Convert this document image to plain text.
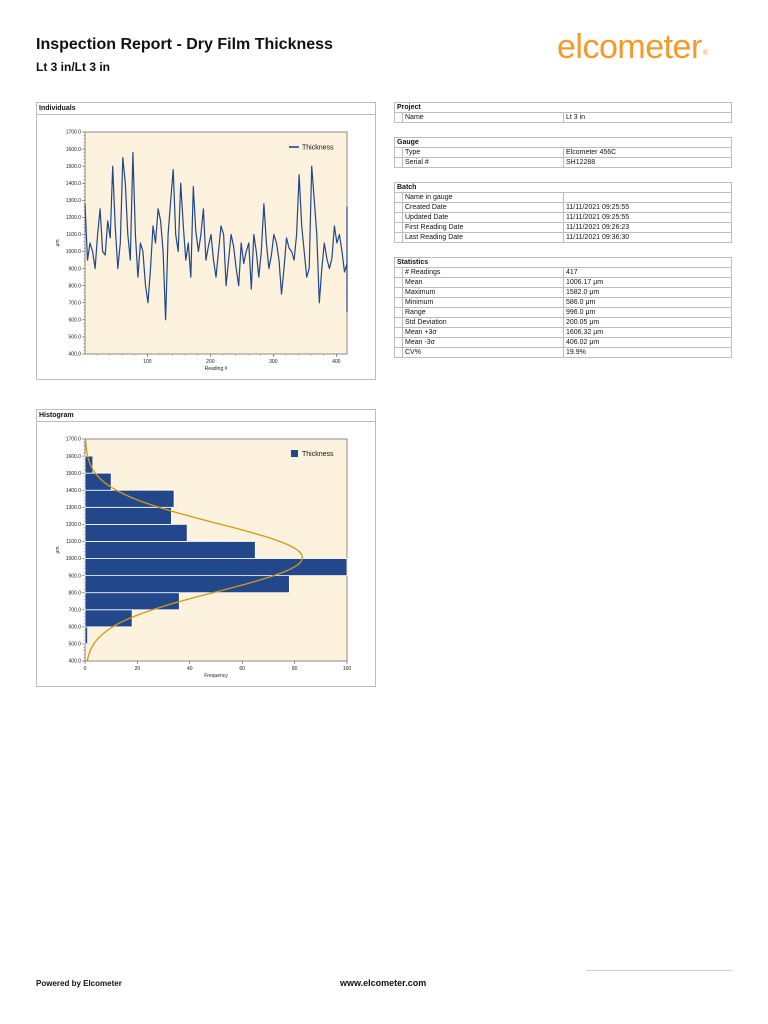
Inspection Report - Dry Film Thickness
Lt 3 in/Lt 3 in
elcometer®
Individuals
400.0
500.0
600.0
700.0
800.0
900.0
1000.0
1100.0
1200.0
1300.0
1400.0
1500.0
1600.0
1700.0
100	200	300	400
Reading #
μm
Thickness
Histogram
400.0
500.0
600.0
700.0
800.0
900.0
1000.0
1100.0
1200.0
1300.0
1400.0
1500.0
1600.0
1700.0
0	20	40	60	80	100
Frequency
μm
Thickness
Project
	Name	Lt 3 in
Gauge		
	Type	Elcometer 456C
	Serial #	SH12288
Batch		
	Name in gauge	
	Created Date	11/11/2021 09:25:55
	Updated Date	11/11/2021 09:25:55
	First Reading Date	11/11/2021 09:26:23
	Last Reading Date	11/11/2021 09:36:30
Statistics		
	# Readings	417
	Mean	1006.17 μm
	Maximum	1582.0 μm
	Minimum	586.0 μm
	Range	996.0 μm
	Std Deviation	200.05 μm
	Mean +3σ	1606.32 μm
	Mean -3σ	406.02 μm
	CV%	19.9%
Powered by Elcometer	www.elcometer.com
